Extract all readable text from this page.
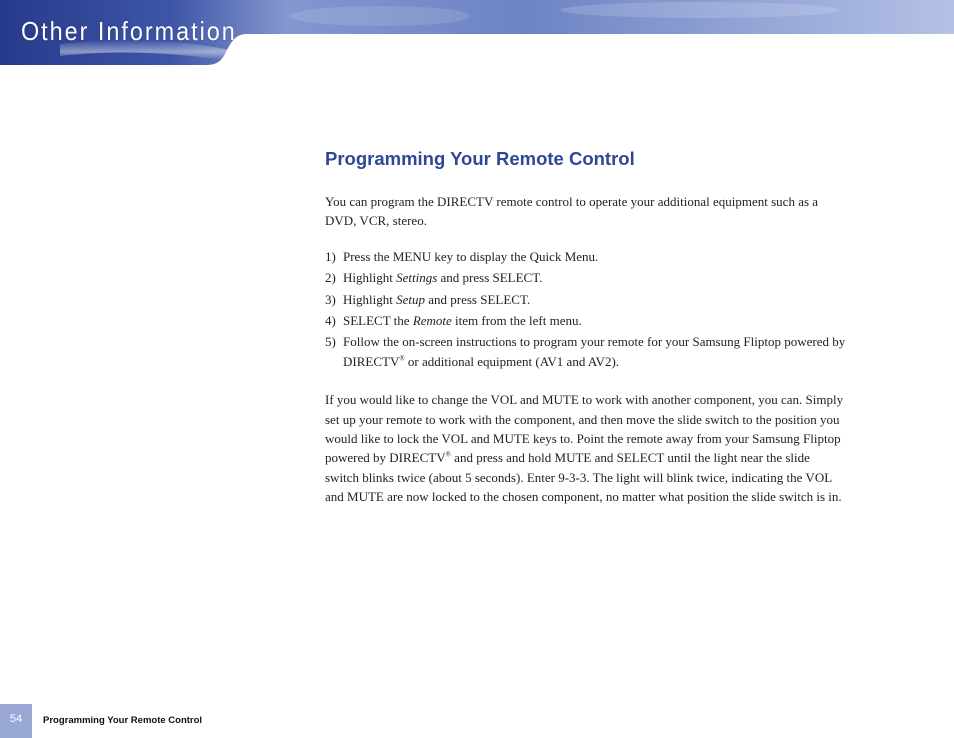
Other Information
Programming Your Remote Control

You can program the DIRECTV remote control to operate your additional equipment such as a DVD, VCR, stereo.

1) Press the MENU key to display the Quick Menu.
2) Highlight Settings and press SELECT.
3) Highlight Setup and press SELECT.
4) SELECT the Remote item from the left menu.
5) Follow the on-screen instructions to program your remote for your Samsung Fliptop powered by DIRECTV® or additional equipment (AV1 and AV2).

If you would like to change the VOL and MUTE to work with another component, you can. Simply set up your remote to work with the component, and then move the slide switch to the position you would like to lock the VOL and MUTE keys to. Point the remote away from your Samsung Fliptop powered by DIRECTV® and press and hold MUTE and SELECT until the light near the slide switch blinks twice (about 5 seconds). Enter 9-3-3. The light will blink twice, indicating the VOL and MUTE are now locked to the chosen component, no matter what position the slide switch is in.

54	Programming Your Remote Control
